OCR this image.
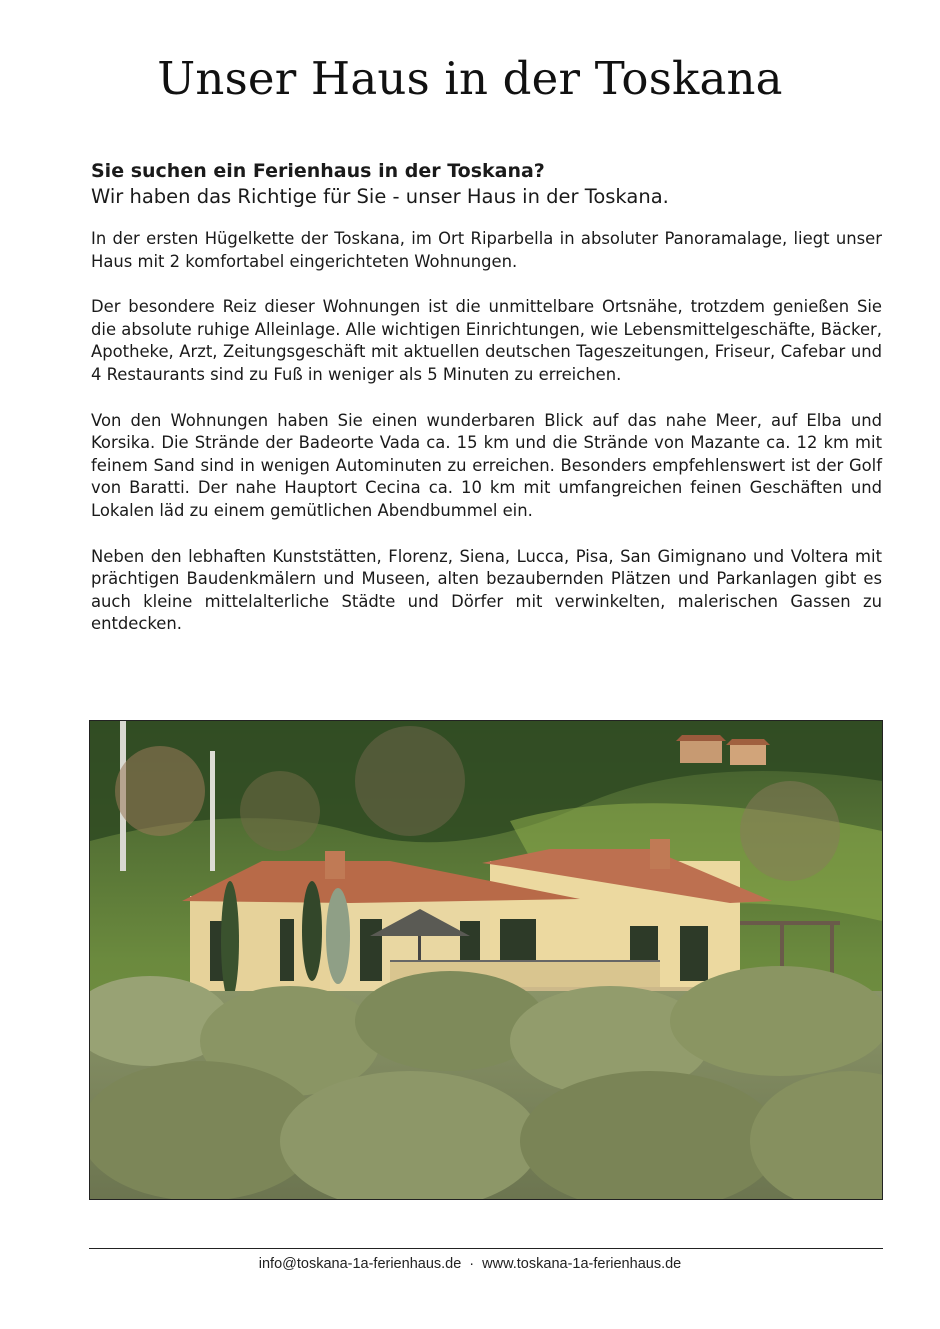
Unser Haus in der Toskana

Sie suchen ein Ferienhaus in der Toskana?

Wir haben das Richtige für Sie - unser Haus in der Toskana.

In der ersten Hügelkette der Toskana, im Ort Riparbella in absoluter Panoramalage, liegt unser Haus mit 2 komfortabel eingerichteten Wohnungen.

Der besondere Reiz dieser Wohnungen ist die unmittelbare Ortsnähe, trotzdem genießen Sie die absolute ruhige Alleinlage. Alle wichtigen Einrichtungen, wie Lebensmittelgeschäfte, Bäcker, Apotheke, Arzt, Zeitungsgeschäft mit aktuellen deutschen Tageszeitungen, Friseur, Cafebar und 4 Restaurants sind zu Fuß in weniger als 5 Minuten zu erreichen.

Von den Wohnungen haben Sie einen wunderbaren Blick auf das nahe Meer, auf Elba und Korsika. Die Strände der Badeorte Vada ca. 15 km und die Strände von Mazante ca. 12 km mit feinem Sand sind in wenigen Autominuten zu erreichen. Besonders empfehlenswert ist der Golf von Baratti. Der nahe Hauptort Cecina ca. 10 km mit umfangreichen feinen Geschäften und Lokalen läd zu einem gemütlichen Abendbummel ein.

Neben den lebhaften Kunststätten, Florenz, Siena, Lucca, Pisa, San Gimignano und Voltera mit prächtigen Baudenkmälern und Museen, alten bezaubernden Plätzen und Parkanlagen gibt es auch kleine mittelalterliche Städte und Dörfer mit verwinkelten, malerischen Gassen zu entdecken.

info@toskana-1a-ferienhaus.de · www.toskana-1a-ferienhaus.de
